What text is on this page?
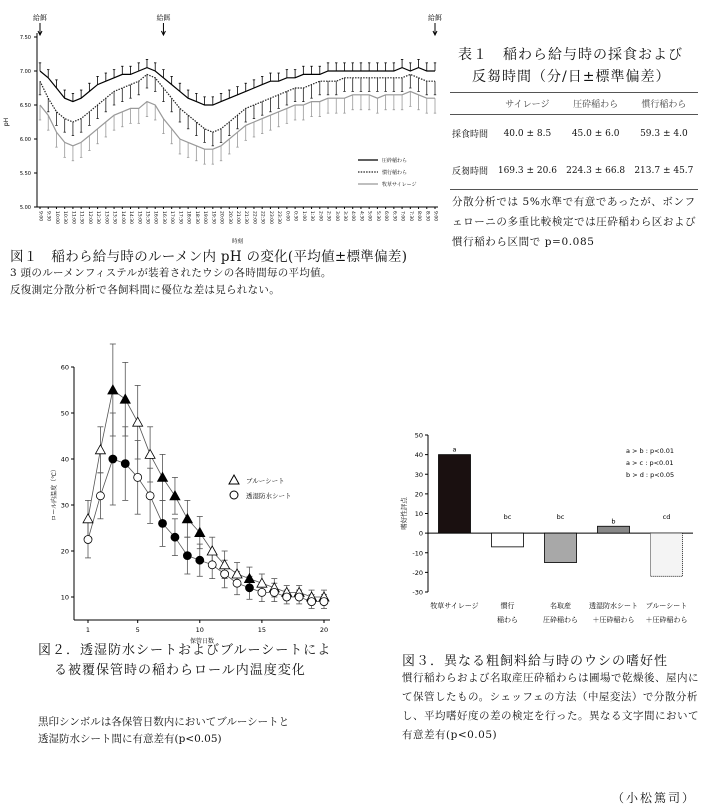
5.00
5.50
6.00
6.50
7.00
7.50
pH
9:00 9:30 10:00 10:30 11:00 11:30 12:00 12:30 13:00 13:30 14:00 14:30 15:00 15:30 16:00 16:30 17:00 17:30 18:00 18:30 19:00 19:30 20:00 20:30 21:00 21:30 22:00 22:30 23:00 23:30 0:00 0:30 1:00 1:30 2:00 2:30 3:00 3:30 4:00 4:30 5:00 5:30 6:00 6:30 7:00 7:30 8:00 8:30 9:00
時刻
給餌	給餌	給餌
圧砕稲わら
慣行稲わら
牧草サイレージ
図１　稲わら給与時のルーメン内 pH の変化(平均値±標準偏差)
3 頭のルーメンフィステルが装着されたウシの各時間毎の平均値。
反復測定分散分析で各飼料間に優位な差は見られない。
表１　稲わら給与時の採食および
反芻時間（分/日±標準偏差）
	サイレージ	圧砕稲わら	慣行稲わら
採食時間	40.0 ± 8.5	45.0 ± 6.0	59.3 ± 4.0
反芻時間	169.3 ± 20.6	224.3 ± 66.8	213.7 ± 45.7
分散分析では 5%水準で有意であったが、ボンフェローニの多重比較検定では圧砕稲わら区および慣行稲わら区間で p=0.085
10
20
30
40
50
60
1	5	10	15	20
保管日数
ロール内温度（℃）	ブルーシート
透湿防水シート
図２．透湿防水シートおよびブルーシートによ
る被覆保管時の稲わらロール内温度変化
黒印シンボルは各保管日数内においてブルーシートと
透湿防水シート間に有意差有(p<0.05)
-30
-20
-10
0
10
20
30
40
50
嗜好性評点
a
牧草サイレージ
bc
慣行
稲わら
bc
名取産
圧砕稲わら
b
透湿防水シート
＋圧砕稲わら
cd
ブルーシート
＋圧砕稲わら
a > b : p<0.01
a > c : p<0.01
b > d : p<0.05
図３．異なる粗飼料給与時のウシの嗜好性
慣行稲わらおよび名取産圧砕稲わらは圃場で乾燥後、屋内にて保管したもの。シェッフェの方法（中屋変法）で分散分析し、平均嗜好度の差の検定を行った。異なる文字間において有意差有(p<0.05)
（小松篤司）
